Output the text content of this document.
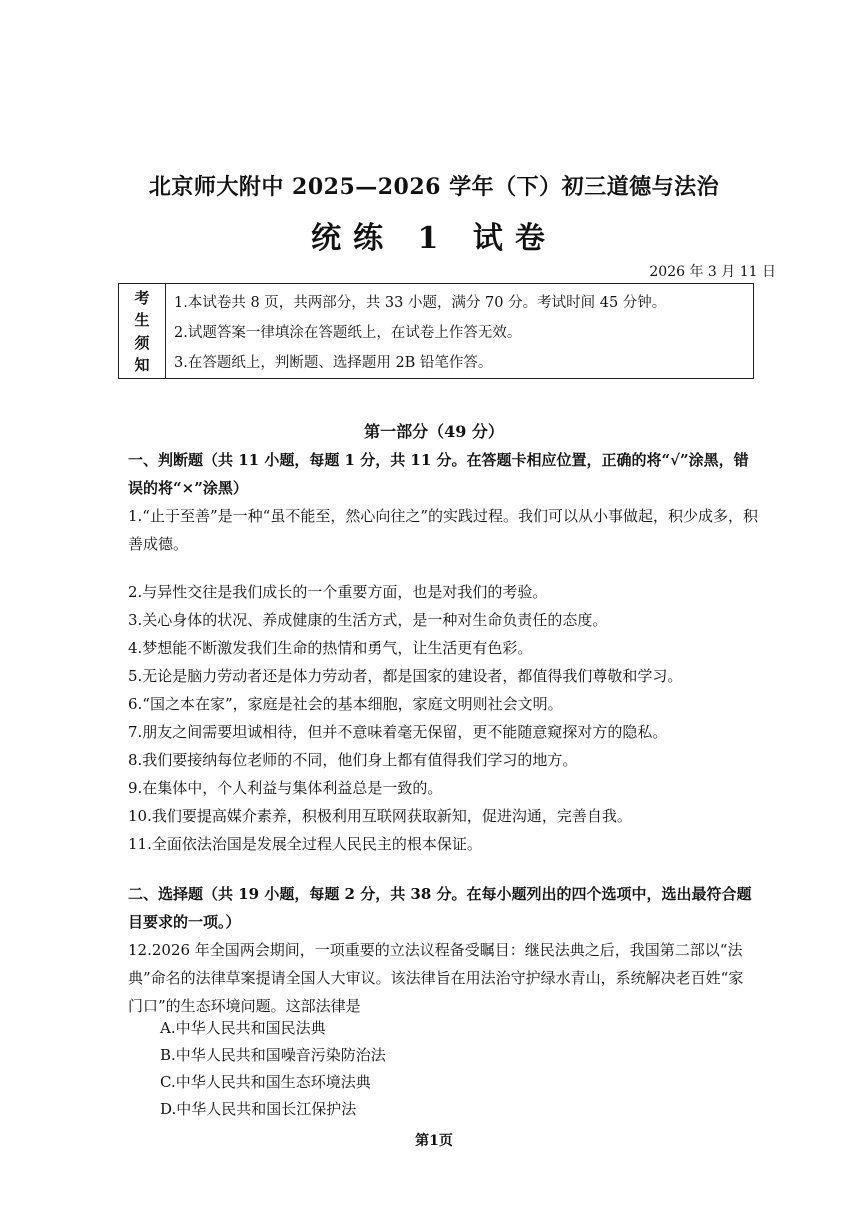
北京师大附中 2025—2026 学年（下）初三道德与法治
统练 1 试卷
2026 年 3 月 11 日
考
生
须
知
1.本试卷共 8 页，共两部分，共 33 小题，满分 70 分。考试时间 45 分钟。
2.试题答案一律填涂在答题纸上，在试卷上作答无效。
3.在答题纸上，判断题、选择题用 2B 铅笔作答。
第一部分（49 分）
一、判断题（共 11 小题，每题 1 分，共 11 分。在答题卡相应位置，正确的将“√”涂黑，错误的将“×”涂黑）
1.“止于至善”是一种“虽不能至，然心向往之”的实践过程。我们可以从小事做起，积少成多，积善成德。
2.与异性交往是我们成长的一个重要方面，也是对我们的考验。
3.关心身体的状况、养成健康的生活方式，是一种对生命负责任的态度。
4.梦想能不断激发我们生命的热情和勇气，让生活更有色彩。
5.无论是脑力劳动者还是体力劳动者，都是国家的建设者，都值得我们尊敬和学习。
6.“国之本在家”，家庭是社会的基本细胞，家庭文明则社会文明。
7.朋友之间需要坦诚相待，但并不意味着毫无保留，更不能随意窥探对方的隐私。
8.我们要接纳每位老师的不同，他们身上都有值得我们学习的地方。
9.在集体中，个人利益与集体利益总是一致的。
10.我们要提高媒介素养，积极利用互联网获取新知，促进沟通，完善自我。
11.全面依法治国是发展全过程人民民主的根本保证。
二、选择题（共 19 小题，每题 2 分，共 38 分。在每小题列出的四个选项中，选出最符合题目要求的一项。）
12.2026 年全国两会期间，一项重要的立法议程备受瞩目：继民法典之后，我国第二部以“法典”命名的法律草案提请全国人大审议。该法律旨在用法治守护绿水青山，系统解决老百姓“家门口”的生态环境问题。这部法律是
A.中华人民共和国民法典
B.中华人民共和国噪音污染防治法
C.中华人民共和国生态环境法典
D.中华人民共和国长江保护法
第1页
